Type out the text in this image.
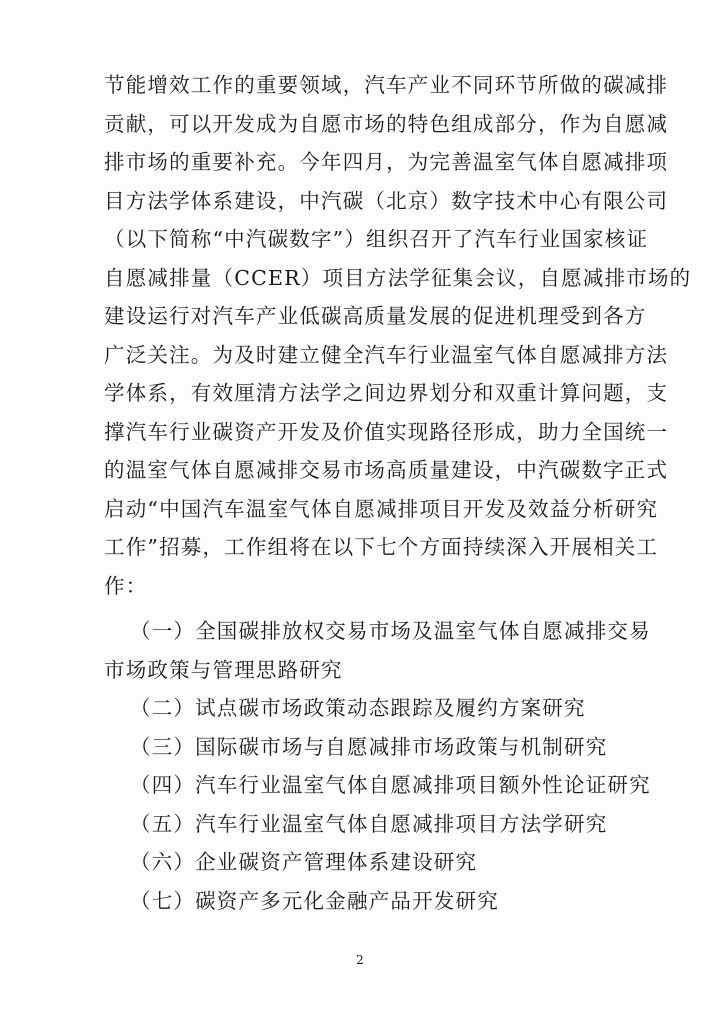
节能增效工作的重要领域，汽车产业不同环节所做的碳减排
贡献，可以开发成为自愿市场的特色组成部分，作为自愿减
排市场的重要补充。今年四月，为完善温室气体自愿减排项
目方法学体系建设，中汽碳（北京）数字技术中心有限公司
（以下简称“中汽碳数字”）组织召开了汽车行业国家核证
自愿减排量（CCER）项目方法学征集会议，自愿减排市场的
建设运行对汽车产业低碳高质量发展的促进机理受到各方
广泛关注。为及时建立健全汽车行业温室气体自愿减排方法
学体系，有效厘清方法学之间边界划分和双重计算问题，支
撑汽车行业碳资产开发及价值实现路径形成，助力全国统一
的温室气体自愿减排交易市场高质量建设，中汽碳数字正式
启动“中国汽车温室气体自愿减排项目开发及效益分析研究
工作”招募，工作组将在以下七个方面持续深入开展相关工
作：
（一）全国碳排放权交易市场及温室气体自愿减排交易
市场政策与管理思路研究
（二）试点碳市场政策动态跟踪及履约方案研究
（三）国际碳市场与自愿减排市场政策与机制研究
（四）汽车行业温室气体自愿减排项目额外性论证研究
（五）汽车行业温室气体自愿减排项目方法学研究
（六）企业碳资产管理体系建设研究
（七）碳资产多元化金融产品开发研究
2
